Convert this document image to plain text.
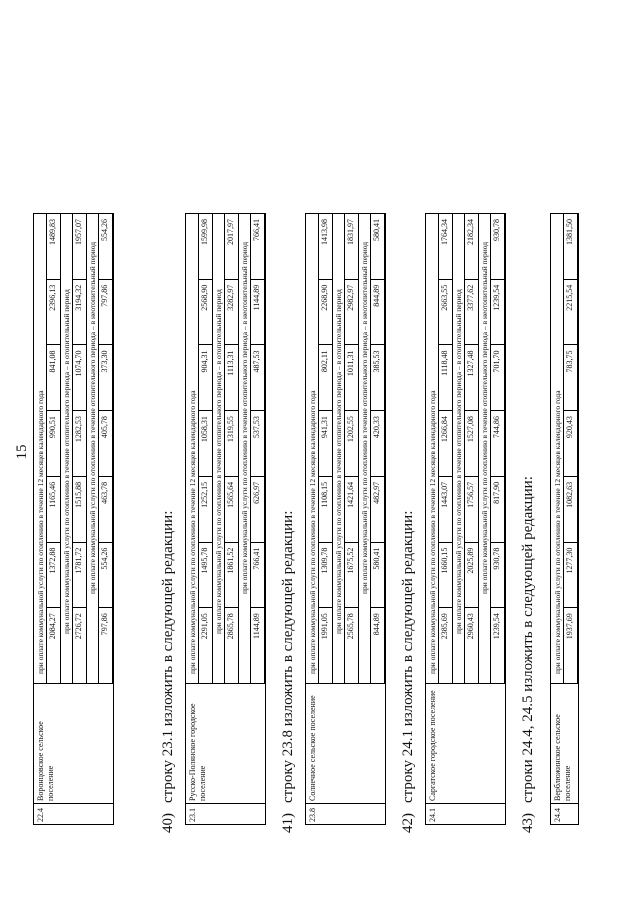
15
40)строку 23.1 изложить в следующей редакции:
41)строку 23.8 изложить в следующей редакции:
42)строку 24.1 изложить в следующей редакции:
43)строки 24.4, 24.5 изложить в следующей редакции:
22.4
Воронцовское сельское поселение
при оплате коммунальной услуги по отоплению в течение 12 месяцев календарного года 2084,27
1372,88
1165,46
990,51
841,08
2396,13
1489,83
при оплате коммунальной услуги по отоплению в течение отопительного периода – в отопительный период 2726,72
1781,72
1515,88
1282,53
1074,70
3194,32
1957,07
при оплате коммунальной услуги по отоплению в течение отопительного периода – в неотопительный период
797,86
554,26
463,78
405,78
373,30
797,86
554,26
23.1
Русско-Полянское городское поселение
при оплате коммунальной услуги по отоплению в течение 12 месяцев календарного года 2291,05
1495,78
1252,15
1058,31
904,31
2568,90
1599,98
при оплате коммунальной услуги по отоплению в течение отопительного периода – в отопительный период 2865,78
1861,52
1565,64
1319,55
1113,31
3282,97
2017,97
при оплате коммунальной услуги по отоплению в течение отопительного периода – в неотопительный период
1144,89
766,41
626,97
537,53
487,53
1144,89
766,41
23.8
Солнечное сельское поселение
при оплате коммунальной услуги по отоплению в течение 12 месяцев календарного года 1991,05
1309,78
1108,15
941,31
802,11
2268,90
1413,98
при оплате коммунальной услуги по отоплению в течение отопительного периода – в отопительный период 2565,78
1675,52
1421,64
1202,55
1011,31
2982,97
1831,97
при оплате коммунальной услуги по отоплению в течение отопительного периода – в неотопительный период
844,89
580,41
482,97
420,33
385,53
844,89
580,41
24.1
Саргатское городское поселение
при оплате коммунальной услуги по отоплению в течение 12 месяцев календарного года 2385,69
1660,15
1443,07
1266,84
1118,48
2663,55
1764,34
при оплате коммунальной услуги по отоплению в течение отопительного периода – в отопительный период 2960,43
2025,89
1756,57
1527,08
1327,48
3377,62
2182,34
при оплате коммунальной услуги по отоплению в течение отопительного периода – в неотопительный период
1239,54
930,78
817,90
744,86
701,70
1239,54
930,78
24.4
Верблюжинское сельское поселение
при оплате коммунальной услуги по отоплению в течение 12 месяцев календарного года 1937,69
1277,30
1082,63
920,43
783,75
2215,54
1381,50
